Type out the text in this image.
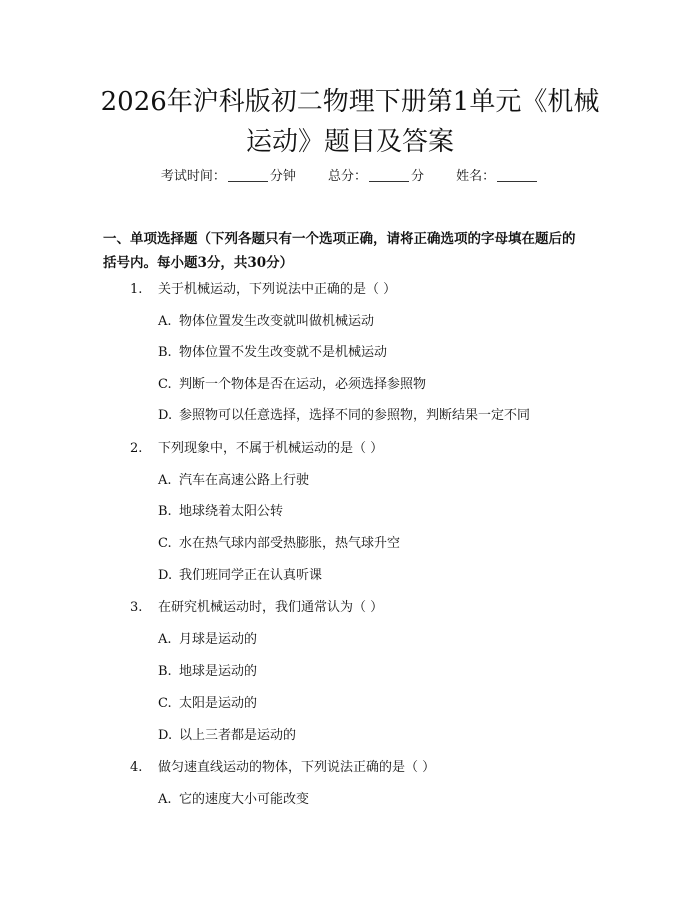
2026年沪科版初二物理下册第1单元《机械
运动》题目及答案
考试时间：	分钟 总分：	分 姓名：
一、单项选择题（下列各题只有一个选项正确，请将正确选项的字母填在题后的
括号内。每小题3分，共30分）
1. 关于机械运动，下列说法中正确的是（ ）
A. 物体位置发生改变就叫做机械运动
B. 物体位置不发生改变就不是机械运动
C. 判断一个物体是否在运动，必须选择参照物
D. 参照物可以任意选择，选择不同的参照物，判断结果一定不同
2. 下列现象中，不属于机械运动的是（ ）
A. 汽车在高速公路上行驶
B. 地球绕着太阳公转
C. 水在热气球内部受热膨胀，热气球升空
D. 我们班同学正在认真听课
3. 在研究机械运动时，我们通常认为（ ）
A. 月球是运动的
B. 地球是运动的
C. 太阳是运动的
D. 以上三者都是运动的
4. 做匀速直线运动的物体，下列说法正确的是（ ）
A. 它的速度大小可能改变
